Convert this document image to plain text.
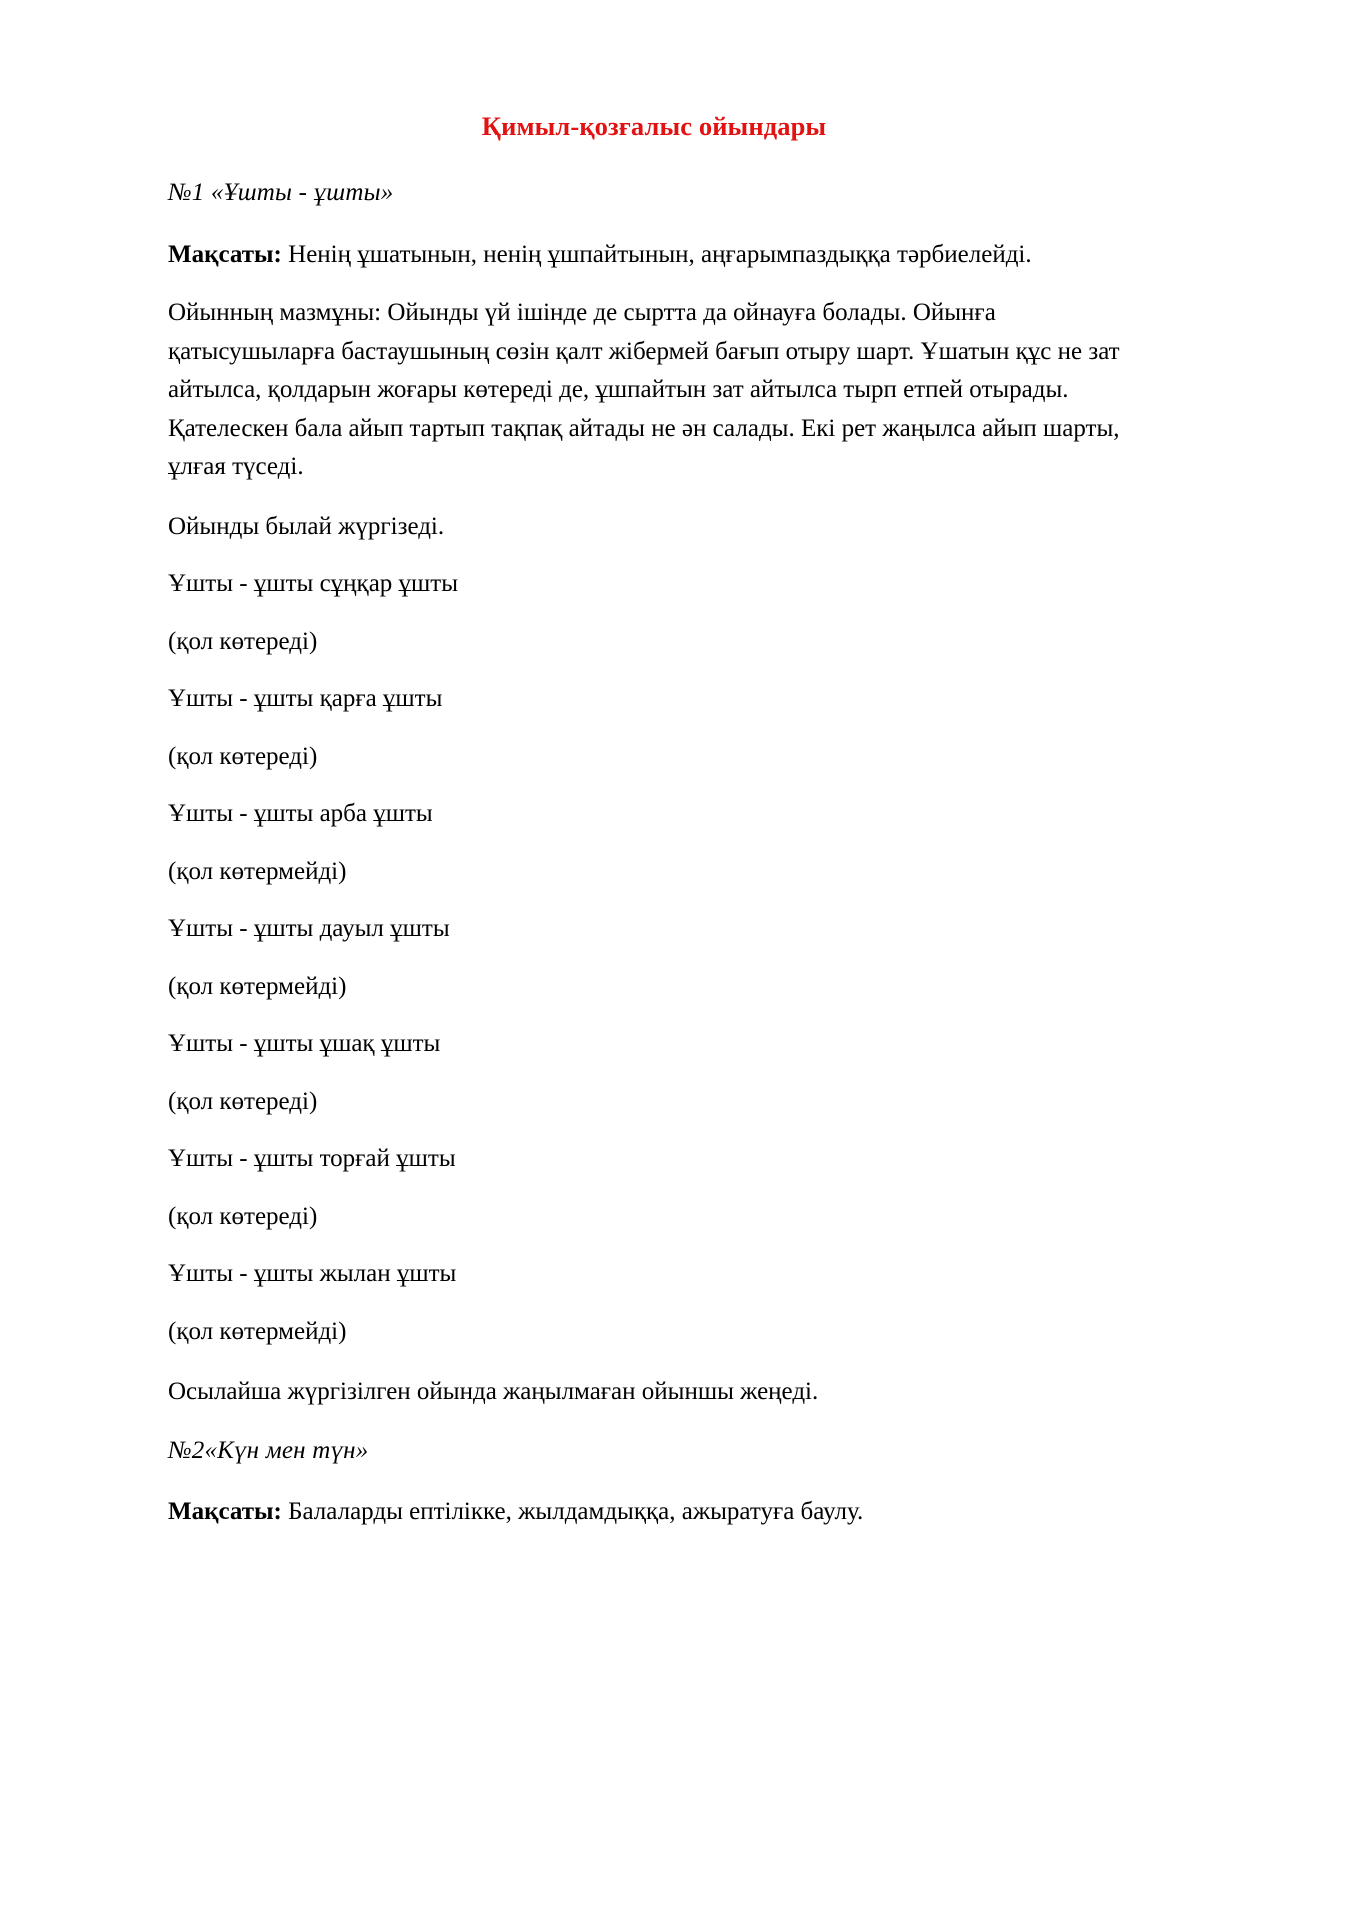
Қимыл-қозғалыс ойындары

№1 «Ұшты - ұшты»

Мақсаты: Ненің ұшатынын, ненің ұшпайтынын, аңғарымпаздыққа тәрбиелейді.

Ойынның мазмұны: Ойынды үй ішінде де сыртта да ойнауға болады. Ойынға қатысушыларға бастаушының сөзін қалт жібермей бағып отыру шарт. Ұшатын құс не зат айтылса, қолдарын жоғары көтереді де, ұшпайтын зат айтылса тырп етпей отырады. Қателескен бала айып тартып тақпақ айтады не ән салады. Екі рет жаңылса айып шарты, ұлғая түседі.

Ойынды былай жүргізеді.

Ұшты - ұшты сұңқар ұшты

(қол көтереді)

Ұшты - ұшты қарға ұшты

(қол көтереді)

Ұшты - ұшты арба ұшты

(қол көтермейді)

Ұшты - ұшты дауыл ұшты

(қол көтермейді)

Ұшты - ұшты ұшақ ұшты

(қол көтереді)

Ұшты - ұшты торғай ұшты

(қол көтереді)

Ұшты - ұшты жылан ұшты

(қол көтермейді)

Осылайша жүргізілген ойында жаңылмаған ойыншы жеңеді.

№2«Күн мен түн»

Мақсаты: Балаларды ептілікке, жылдамдыққа, ажыратуға баулу.
